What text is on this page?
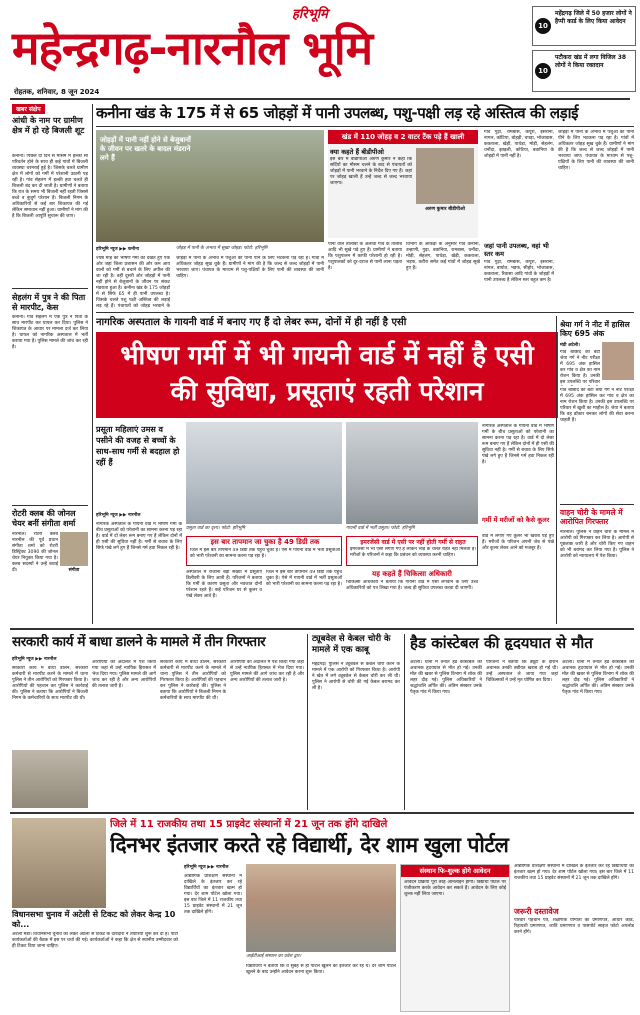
हरिभूमि
महेन्द्रगढ़-नारनौल भूमि
रोहतक, शनिवार, 8 जून 2024
10
महेंद्रगढ़ जिले में 50 हजार लोगों ने हैप्पी कार्ड के लिए किया आवेदन
10
पटौकरा खंड में लगा विजिल 38 लोगों ने किया रक्तदान
खबर संक्षेप
आंधी के नाम पर ग्रामीण क्षेत्र में हो रहे बिजली शूट
कनीना। पिछले दो दिन से मौसम में हल्का सा परिवर्तन होने के साथ ही कई गांवों में बिजली व्यवस्था चरमराई हुई है। जिसके चलते ग्रामीण क्षेत्र में लोगों को गर्मी में परेशानी उठानी पड़ रही है। गांव सेहलंग में हल्की हवा चलते ही बिजली बंद कर दी जाती है। ग्रामीणों ने बताया कि रात के समय भी बिजली नहीं रहती जिससे बच्चे व बुजुर्ग परेशान हैं। बिजली निगम के अधिकारियों से कई बार शिकायत की गई लेकिन समाधान नहीं हुआ। ग्रामीणों ने मांग की है कि बिजली आपूर्ति सुचारू की जाए।
सेहलंग में पुत्र ने की पिता से मारपीट, केस
कनीना। गांव सेहलंग में एक पुत्र ने पिता के साथ मारपीट कर घायल कर दिया। पुलिस ने शिकायत के आधार पर मामला दर्ज कर लिया है। घायल को नागरिक अस्पताल में भर्ती कराया गया है। पुलिस मामले की जांच कर रही है।
रोटरी क्लब की जोनल चेयर बनीं संगीता शर्मा
संगीता
नारनौल। रोटरी क्लब नारनौल की पूर्व प्रधान संगीता शर्मा को रोटरी डिस्ट्रिक्ट 3090 की जोनल चेयर नियुक्त किया गया है। क्लब सदस्यों ने उन्हें बधाई दी।
कनीना खंड के 175 में से 65 जोहड़ों में पानी उपलब्ध, पशु-पक्षी लड़ रहे अस्तित्व की लड़ाई
जोहड़ों में पानी नहीं होने से बेजुबानों के जीवन पर खतरे के बादल मंडराने लगे हैं
हरिभूमि न्यूज ▶▶ कनीना
ज्येष्ठ माह की भीषण गर्मी को देखते हुए एक ओर जहां जिला प्रशासन की ओर कम आय वालों को गर्मी से बचाने के लिए अपील की जा रही है। वहीं दूसरी ओर जोहड़ों में पानी नहीं होने से बेजुबानों के जीवन पर संकट मंडराता हुआ है। कनीना खंड के 175 जोहड़ों में से सिर्फ 65 में ही पानी उपलब्ध है। जिसके चलते पशु पक्षी अस्तित्व की लड़ाई लड़ रहे हैं। पंचायतों को जोहड़ भरवाने के
जोहड़ में पानी के अभाव में सूखा जोहड़। फोटो: हरिभूमि
जोहड़ों में पानी के अभाव में पशुओं को पानी पीने के लिए भटकना पड़ रहा है। गांवों में अधिकतर जोहड़ सूख चुके हैं। ग्रामीणों ने मांग की है कि जल्द से जल्द जोहड़ों में पानी भरवाया जाए। पंचायत के माध्यम से पशु-पक्षियों के लिए पानी की व्यवस्था की जानी चाहिए।
खंड में 110 जोहड़ व 2 वाटर टैंक पड़े हैं खाली
क्या कहते हैं बीडीपीओ
इस बारे में बीडीपीओ अरुण कुमार ने कहा कि सर्दियों का मौसम चलने के बाद से पंचायतों को जोहड़ों में पानी भरवाने के निर्देश दिए गए हैं। जहां पर जोहड़ खाली हैं उन्हें जल्द से जल्द भरवाया जाएगा।
अरुण कुमार बीडीपीओ
पानी वाले तालाबों के अलावा गांव के तालाब आदि भी सूखे पड़े हुए हैं। ग्रामीणों ने बताया कि पशुपालन में काफी परेशानी हो रही है। पशुपालकों को दूर-दराज से पानी लाना पड़ता है।
विभाग के आंकड़ों के अनुसार गांव कनीना, उन्हाणी, गुढ़ा, बवानिया, रामबास, धनौंदा, मोड़ी, सेहलंग, पाथेड़ा, खेड़ी, ककराला, भड़फ, करीरा समेत कई गांवों में जोहड़ सूखे हुए हैं।
गांव गुढ़ा, रामबास, कपूरी, इसराना, नागल, कोटिया, बोहड़ी, चपड़ा, भोजावास, ककराला, खेड़ी, पाथेड़ा, मोड़ी, सेहलंग, धनौंदा, झाड़ली, कोटिया, बवानिया के जोहड़ों में पानी नहीं है।
जहां पानी उपलब्ध, वहां भी स्तर कम
गांव गुढ़ा, रामबास, कपूरी, इसराना, नांगल, बाघोत, भड़फ, सीहोर, भोजावास, ककराला, रिवासा आदि गांवों के जोहड़ों में पानी उपलब्ध है लेकिन स्तर बहुत कम है।
जोहड़ों में पानी के अभाव में पशुओं को पानी पीने के लिए भटकना पड़ रहा है। गांवों में अधिकतर जोहड़ सूख चुके हैं। ग्रामीणों ने मांग की है कि जल्द से जल्द जोहड़ों में पानी भरवाया जाए। पंचायत के माध्यम से पशु-पक्षियों के लिए पानी की व्यवस्था की जानी चाहिए।
नागरिक अस्पताल के गायनी वार्ड में बनाए गए हैं दो लेबर रूम, दोनों में ही नहीं है एसी
भीषण गर्मी में भी गायनी वार्ड में नहीं है एसी की सुविधा, प्रसूताएं रहती परेशान
प्रसूता महिलाएं उमस व पसीने की वजह से बच्चों के साथ-साथ गर्मी से बदहाल हो रहीं हैं
नागरिक अस्पताल के गायनी वार्ड में भीषण गर्मी के बीच प्रसूताओं को परेशानी का सामना करना पड़ रहा है। वार्ड में दो लेबर रूम बनाए गए हैं लेकिन दोनों में ही एसी की सुविधा नहीं है। गर्मी से बचाव के लिए सिर्फ पंखे लगे हुए हैं जिनसे गर्म हवा निकल रही है।
हरिभूमि न्यूज ▶▶ नारनौल
प्रसूता वार्ड का दृश्य। फोटो: हरिभूमि	गायनी वार्ड में भर्ती प्रसूता। फोटो: हरिभूमि
नागरिक अस्पताल के गायनी वार्ड में भीषण गर्मी के बीच प्रसूताओं को परेशानी का सामना करना पड़ रहा है। वार्ड में दो लेबर रूम बनाए गए हैं लेकिन दोनों में ही एसी की सुविधा नहीं है। गर्मी से बचाव के लिए सिर्फ पंखे लगे हुए हैं जिनसे गर्म हवा निकल रही है।
इस बार तापमान जा चुका है 49 डिग्री तक
जिले में इस बार तापमान 49 डिग्री तक पहुंच चुका है। ऐसे में गायनी वार्ड में भर्ती प्रसूताओं को भारी परेशानी का सामना करना पड़ रहा है।
इमरजेंसी वार्ड में एसी पर नहीं होती गर्मी से राहत
इमरजेंसी में भी एसी लगाए गए हैं लेकिन भीड़ के चलते राहत नहीं मिलती है। मरीजों के परिजनों ने कहा कि प्रबंधन को व्यवस्था करनी चाहिए।
अस्पताल में रोजाना बड़ी संख्या में प्रसूताएं डिलीवरी के लिए आती हैं। परिजनों ने बताया कि गर्मी के कारण प्रसूता और नवजात दोनों परेशान रहते हैं। कई परिजन घर से कूलर व पंखे लेकर आते हैं।
जिले में इस बार तापमान 49 डिग्री तक पहुंच चुका है। ऐसे में गायनी वार्ड में भर्ती प्रसूताओं को भारी परेशानी का सामना करना पड़ रहा है।
यह कहते हैं चिकित्सा अधिकारी
चिकित्सा अधिकारी ने बताया कि गायनी वार्ड में एसी लगवाने के लिए उच्च अधिकारियों को पत्र लिखा गया है। जल्द ही सुविधा उपलब्ध करवा दी जाएगी।
गर्मी में मरीजों को कैसे कूलर
वार्ड में लगाए गए कूलर भी खराब पड़े हुए हैं। मरीजों के परिजन अपनी जेब से पंखे और कूलर लेकर आने को मजबूर हैं।
श्रेया गर्ग ने नीट में हासिल किए 695 अंक
मंडी अटेली।
गांव बाछौद की बेटी श्रेया गर्ग ने नीट परीक्षा में 695 अंक हासिल कर गांव व क्षेत्र का नाम रोशन किया है। उनकी इस उपलब्धि पर परिवार
गांव बाछौद की बेटी श्रेया गर्ग ने नीट परीक्षा में 695 अंक हासिल कर गांव व क्षेत्र का नाम रोशन किया है। उनकी इस उपलब्धि पर परिवार में खुशी का माहौल है। श्रेया ने बताया कि वह डॉक्टर बनकर लोगों की सेवा करना चाहती हैं।
वाहन चोरी के मामले में आरोपित गिरफ्तार
नारनौल। पुलिस ने वाहन चोरी के मामले में आरोपी को गिरफ्तार कर लिया है। आरोपी से पूछताछ जारी है और चोरी किए गए वाहन को भी बरामद कर लिया गया है। पुलिस ने आरोपी को न्यायालय में पेश किया।
सरकारी कार्य में बाधा डालने के मामले में तीन गिरफ्तार
हरिभूमि न्यूज ▶▶ नारनौल
सरकारी कार्य में बाधा डालने, सरकारी कर्मचारी से मारपीट करने के मामले में थाना पुलिस ने तीन आरोपियों को गिरफ्तार किया है। आरोपियों की पहचान कर पुलिस ने कार्रवाई की। पुलिस ने बताया कि आरोपियों ने बिजली निगम के कर्मचारियों के साथ मारपीट की थी।
आरोपियों को अदालत में पेश किया गया जहां से उन्हें न्यायिक हिरासत में भेज दिया गया। पुलिस मामले की आगे जांच कर रही है और अन्य आरोपियों की तलाश जारी है।
सरकारी कार्य में बाधा डालने, सरकारी कर्मचारी से मारपीट करने के मामले में थाना पुलिस ने तीन आरोपियों को गिरफ्तार किया है। आरोपियों की पहचान कर पुलिस ने कार्रवाई की। पुलिस ने बताया कि आरोपियों ने बिजली निगम के कर्मचारियों के साथ मारपीट की थी।
आरोपियों को अदालत में पेश किया गया जहां से उन्हें न्यायिक हिरासत में भेज दिया गया। पुलिस मामले की आगे जांच कर रही है और अन्य आरोपियों की तलाश जारी है।
ट्यूबवेल से केबल चोरी के मामले में एक काबू
महेंद्रगढ़। पुलिस ने ट्यूबवेल से केबल चोरी करने के मामले में एक आरोपी को गिरफ्तार किया है। आरोपी ने खेत में लगे ट्यूबवेल से केबल चोरी कर ली थी। पुलिस ने आरोपी से चोरी की गई केबल बरामद कर ली है।
हैड कांस्टेबल की हृदयघात से मौत
अटेली। थाना में तैनात हैड कांस्टेबल की अचानक हृदयघात से मौत हो गई। उनकी मौत की खबर से पुलिस विभाग में शोक की लहर दौड़ गई। पुलिस अधिकारियों ने श्रद्धांजलि अर्पित की। अंतिम संस्कार उनके पैतृक गांव में किया गया।
परिजनों ने बताया कि ड्यूटी के दौरान अचानक उनकी तबीयत खराब हो गई थी। उन्हें अस्पताल ले जाया गया जहां चिकित्सकों ने उन्हें मृत घोषित कर दिया।
अटेली। थाना में तैनात हैड कांस्टेबल की अचानक हृदयघात से मौत हो गई। उनकी मौत की खबर से पुलिस विभाग में शोक की लहर दौड़ गई। पुलिस अधिकारियों ने श्रद्धांजलि अर्पित की। अंतिम संस्कार उनके पैतृक गांव में किया गया।
जिले में 11 राजकीय तथा 15 प्राइवेट संस्थानों में 21 जून तक होंगे दाखिले
दिनभर इंतजार करते रहे विद्यार्थी, देर शाम खुला पोर्टल
विधानसभा चुनाव में अटेली से टिकट को लेकर केन्द्र 10 को...
अटेली मंडी। विधानसभा चुनाव को लेकर अटेली से टिकट के दावेदारों ने तैयारियां शुरू कर दी हैं। पार्टी कार्यकर्ताओं की बैठक में इस पर चर्चा की गई। कार्यकर्ताओं ने कहा कि क्षेत्र से स्थानीय उम्मीदवार को ही टिकट दिया जाना चाहिए।
हरिभूमि न्यूज ▶▶ नारनौल
औद्योगिक प्रशिक्षण संस्थानों में दाखिले के इंतजार कर रहे विद्यार्थियों का इंतजार खत्म हो गया। देर शाम पोर्टल खोला गया। इस बार जिले में 11 राजकीय तथा 15 प्राइवेट संस्थानों में 21 जून तक दाखिले होंगे।
आईटीआई संस्थान का प्रवेश द्वार।
विद्यार्थियों ने बताया कि वे सुबह से ही पोर्टल खुलने का इंतजार कर रहे थे। देर शाम पोर्टल खुलने के बाद उन्होंने आवेदन करना शुरू किया।
संस्थान फि-शुल्क होगे आवेदन
आवेदन प्रक्रिया पूरी तरह ऑनलाइन होगी। विद्यार्थी पोर्टल पर पंजीकरण करके आवेदन कर सकते हैं। आवेदन के लिए कोई शुल्क नहीं लिया जाएगा।
औद्योगिक प्रशिक्षण संस्थानों में दाखिले के इंतजार कर रहे विद्यार्थियों का इंतजार खत्म हो गया। देर शाम पोर्टल खोला गया। इस बार जिले में 11 राजकीय तथा 15 प्राइवेट संस्थानों में 21 जून तक दाखिले होंगे।
जरूरी दस्तावेज
परिवार पहचान पत्र, शैक्षणिक योग्यता का प्रमाणपत्र, आधार कार्ड, रिहायशी प्रमाणपत्र, जाति प्रमाणपत्र व पासपोर्ट साइज फोटो अपलोड करने होंगे।
